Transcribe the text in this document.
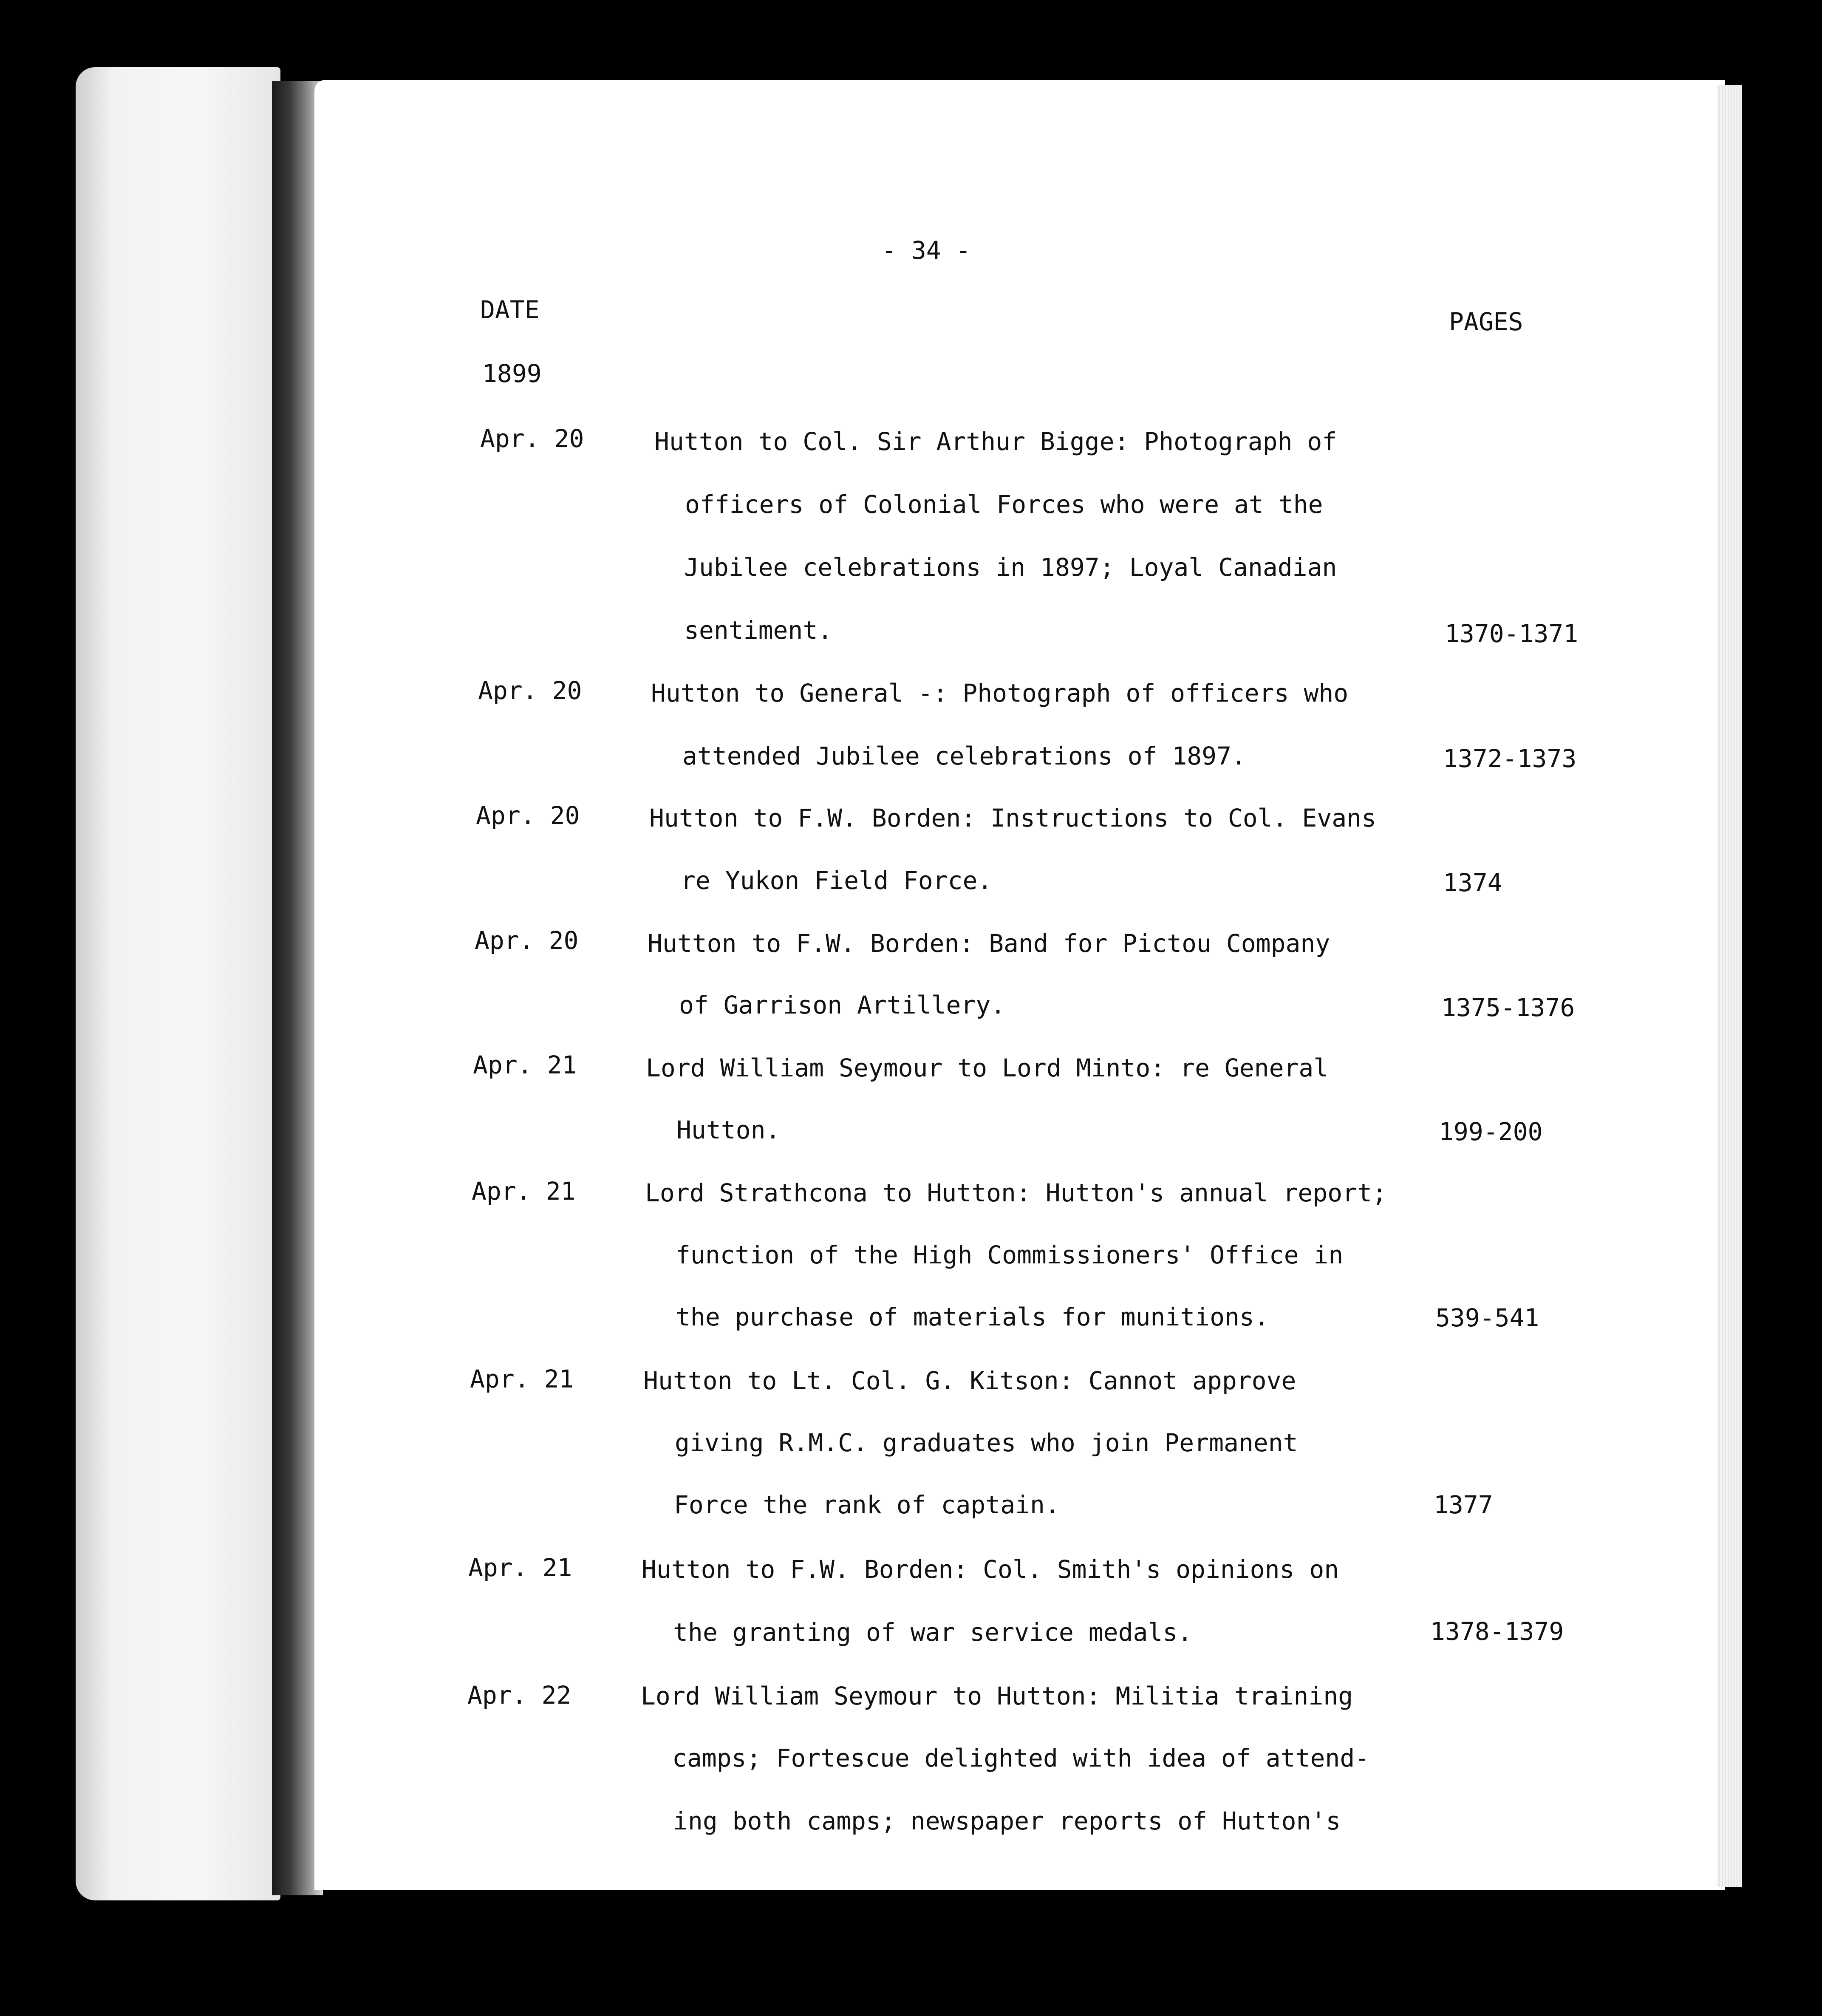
- 34 -
DATE	PAGES
1899
Apr. 20	Hutton to Col. Sir Arthur Bigge: Photograph of
officers of Colonial Forces who were at the
Jubilee celebrations in 1897; Loyal Canadian
sentiment.	1370-1371
Apr. 20	Hutton to General -: Photograph of officers who
attended Jubilee celebrations of 1897.	1372-1373
Apr. 20	Hutton to F.W. Borden: Instructions to Col. Evans
re Yukon Field Force.	1374
Apr. 20	Hutton to F.W. Borden: Band for Pictou Company
of Garrison Artillery.	1375-1376
Apr. 21	Lord William Seymour to Lord Minto: re General
Hutton.	199-200
Apr. 21	Lord Strathcona to Hutton: Hutton's annual report;
function of the High Commissioners' Office in
the purchase of materials for munitions.	539-541
Apr. 21	Hutton to Lt. Col. G. Kitson: Cannot approve
giving R.M.C. graduates who join Permanent
Force the rank of captain.	1377
Apr. 21	Hutton to F.W. Borden: Col. Smith's opinions on
the granting of war service medals.	1378-1379
Apr. 22	Lord William Seymour to Hutton: Militia training
camps; Fortescue delighted with idea of attend-
ing both camps; newspaper reports of Hutton's
